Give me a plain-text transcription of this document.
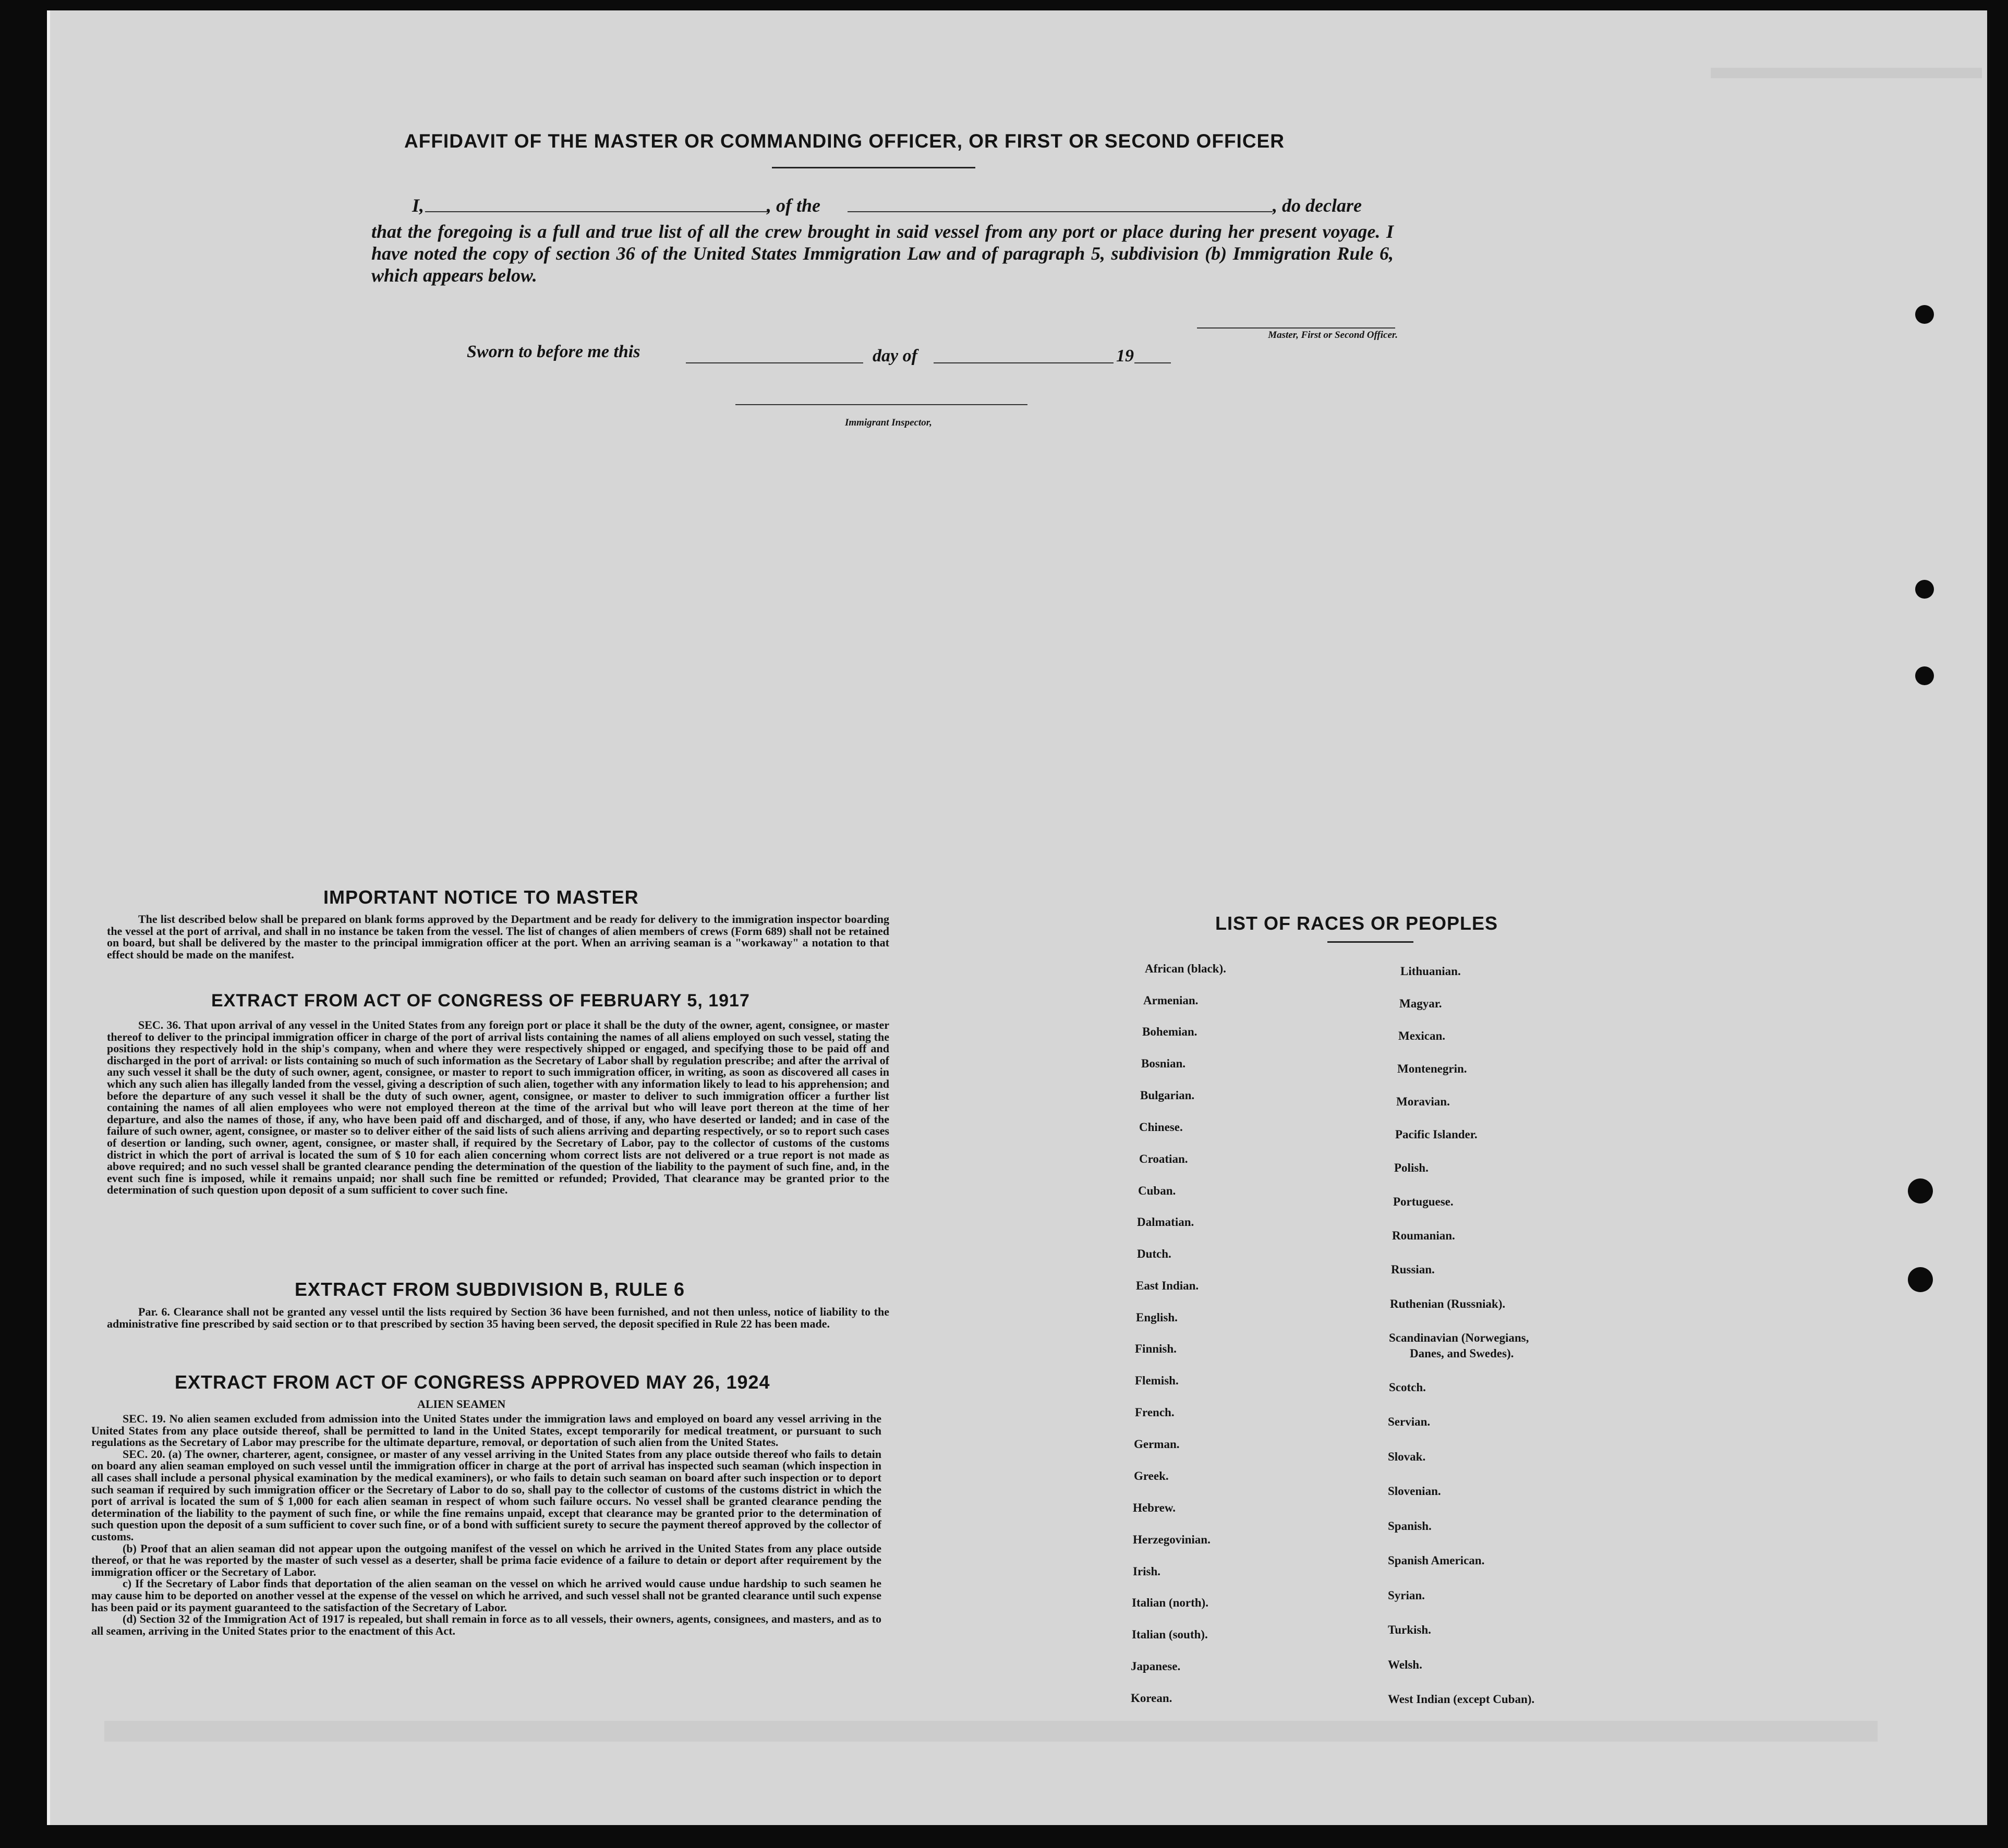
AFFIDAVIT OF THE MASTER OR COMMANDING OFFICER, OR FIRST OR SECOND OFFICER
I,	, of the	, do declare
that the foregoing is a full and true list of all the crew brought in said vessel from any port or place during her present voyage. I have noted the copy of section 36 of the United States Immigration Law and of paragraph 5, subdivision (b) Immigration Rule 6, which appears below.
Master, First or Second Officer.
Sworn to before me this	day of	19
Immigrant Inspector,
IMPORTANT NOTICE TO MASTER

The list described below shall be prepared on blank forms approved by the Department and be ready for delivery to the immigration inspector boarding the vessel at the port of arrival, and shall in no instance be taken from the vessel. The list of changes of alien members of crews (Form 689) shall not be retained on board, but shall be delivered by the master to the principal immigration officer at the port. When an arriving seaman is a "workaway" a notation to that effect should be made on the manifest.

EXTRACT FROM ACT OF CONGRESS OF FEBRUARY 5, 1917

SEC. 36. That upon arrival of any vessel in the United States from any foreign port or place it shall be the duty of the owner, agent, consignee, or master thereof to deliver to the principal immigration officer in charge of the port of arrival lists containing the names of all aliens employed on such vessel, stating the positions they respectively hold in the ship's company, when and where they were respectively shipped or engaged, and specifying those to be paid off and discharged in the port of arrival: or lists containing so much of such information as the Secretary of Labor shall by regulation prescribe; and after the arrival of any such vessel it shall be the duty of such owner, agent, consignee, or master to report to such immigration officer, in writing, as soon as discovered all cases in which any such alien has illegally landed from the vessel, giving a description of such alien, together with any information likely to lead to his apprehension; and before the departure of any such vessel it shall be the duty of such owner, agent, consignee, or master to deliver to such immigration officer a further list containing the names of all alien employees who were not employed thereon at the time of the arrival but who will leave port thereon at the time of her departure, and also the names of those, if any, who have been paid off and discharged, and of those, if any, who have deserted or landed; and in case of the failure of such owner, agent, consignee, or master so to deliver either of the said lists of such aliens arriving and departing respectively, or so to report such cases of desertion or landing, such owner, agent, consignee, or master shall, if required by the Secretary of Labor, pay to the collector of customs of the customs district in which the port of arrival is located the sum of $ 10 for each alien concerning whom correct lists are not delivered or a true report is not made as above required; and no such vessel shall be granted clearance pending the determination of the question of the liability to the payment of such fine, and, in the event such fine is imposed, while it remains unpaid; nor shall such fine be remitted or refunded; Provided, That clearance may be granted prior to the determination of such question upon deposit of a sum sufficient to cover such fine.

EXTRACT FROM SUBDIVISION B, RULE 6

Par. 6. Clearance shall not be granted any vessel until the lists required by Section 36 have been furnished, and not then unless, notice of liability to the administrative fine prescribed by said section or to that prescribed by section 35 having been served, the deposit specified in Rule 22 has been made.

EXTRACT FROM ACT OF CONGRESS APPROVED MAY 26, 1924
ALIEN SEAMEN

SEC. 19. No alien seamen excluded from admission into the United States under the immigration laws and employed on board any vessel arriving in the United States from any place outside thereof, shall be permitted to land in the United States, except temporarily for medical treatment, or pursuant to such regulations as the Secretary of Labor may prescribe for the ultimate departure, removal, or deportation of such alien from the United States.

SEC. 20. (a) The owner, charterer, agent, consignee, or master of any vessel arriving in the United States from any place outside thereof who fails to detain on board any alien seaman employed on such vessel until the immigration officer in charge at the port of arrival has inspected such seaman (which inspection in all cases shall include a personal physical examination by the medical examiners), or who fails to detain such seaman on board after such inspection or to deport such seaman if required by such immigration officer or the Secretary of Labor to do so, shall pay to the collector of customs of the customs district in which the port of arrival is located the sum of $ 1,000 for each alien seaman in respect of whom such failure occurs. No vessel shall be granted clearance pending the determination of the liability to the payment of such fine, or while the fine remains unpaid, except that clearance may be granted prior to the determination of such question upon the deposit of a sum sufficient to cover such fine, or of a bond with sufficient surety to secure the payment thereof approved by the collector of customs.

(b) Proof that an alien seaman did not appear upon the outgoing manifest of the vessel on which he arrived in the United States from any place outside thereof, or that he was reported by the master of such vessel as a deserter, shall be prima facie evidence of a failure to detain or deport after requirement by the immigration officer or the Secretary of Labor.

c) If the Secretary of Labor finds that deportation of the alien seaman on the vessel on which he arrived would cause undue hardship to such seamen he may cause him to be deported on another vessel at the expense of the vessel on which he arrived, and such vessel shall not be granted clearance until such expense has been paid or its payment guaranteed to the satisfaction of the Secretary of Labor.

(d) Section 32 of the Immigration Act of 1917 is repealed, but shall remain in force as to all vessels, their owners, agents, consignees, and masters, and as to all seamen, arriving in the United States prior to the enactment of this Act.

LIST OF RACES OR PEOPLES
African (black).
Armenian.
Bohemian.
Bosnian.
Bulgarian.
Chinese.
Croatian.
Cuban.
Dalmatian.
Dutch.
East Indian.
English.
Finnish.
Flemish.
French.
German.
Greek.
Hebrew.
Herzegovinian.
Irish.
Italian (north).
Italian (south).
Japanese.
Korean.
Lithuanian.
Magyar.
Mexican.
Montenegrin.
Moravian.
Pacific Islander.
Polish.
Portuguese.
Roumanian.
Russian.
Ruthenian (Russniak).
Scandinavian (Norwegians,
Danes, and Swedes).
Scotch.
Servian.
Slovak.
Slovenian.
Spanish.
Spanish American.
Syrian.
Turkish.
Welsh.
West Indian (except Cuban).
